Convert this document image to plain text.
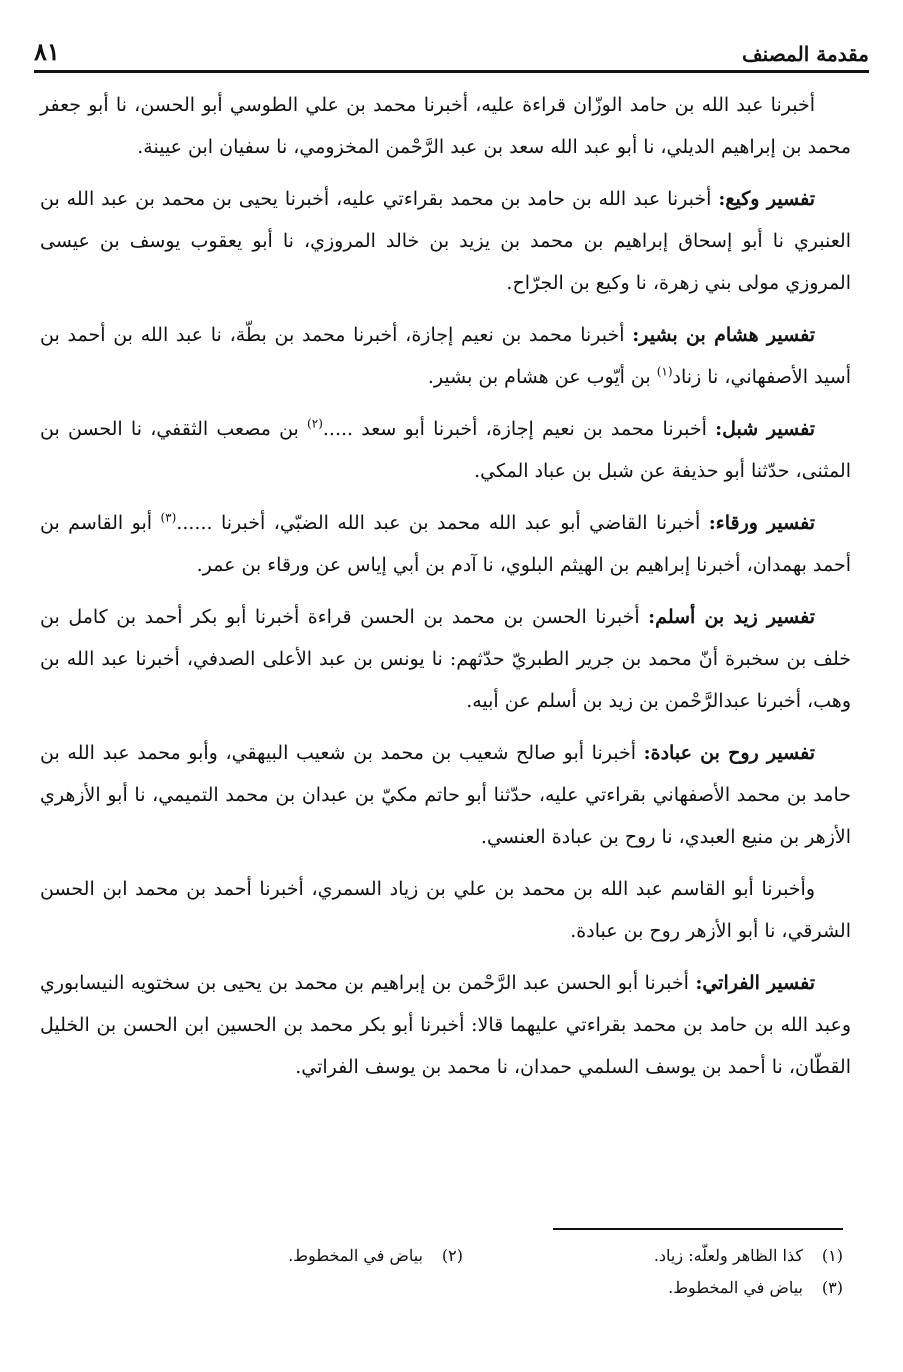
مقدمة المصنف
٨١

أخبرنا عبد الله بن حامد الوزّان قراءة عليه، أخبرنا محمد بن علي الطوسي أبو الحسن، نا أبو جعفر محمد بن إبراهيم الديلي، نا أبو عبد الله سعد بن عبد الرَّحْمن المخزومي، نا سفيان ابن عيينة.

تفسير وكيع: أخبرنا عبد الله بن حامد بن محمد بقراءتي عليه، أخبرنا يحيى بن محمد بن عبد الله بن العنبري نا أبو إسحاق إبراهيم بن محمد بن يزيد بن خالد المروزي، نا أبو يعقوب يوسف بن عيسى المروزي مولى بني زهرة، نا وكيع بن الجرّاح.

تفسير هشام بن بشير: أخبرنا محمد بن نعيم إجازة، أخبرنا محمد بن بطّة، نا عبد الله بن أحمد بن أسيد الأصفهاني، نا زناد$^{(١)}$ بن أيّوب عن هشام بن بشير.

تفسير شبل: أخبرنا محمد بن نعيم إجازة، أخبرنا أبو سعد .....$^{(٢)}$ بن مصعب الثقفي، نا الحسن بن المثنى، حدّثنا أبو حذيفة عن شبل بن عباد المكي.

تفسير ورقاء: أخبرنا القاضي أبو عبد الله محمد بن عبد الله الضبّي، أخبرنا ......$^{(٣)}$ أبو القاسم بن أحمد بهمدان، أخبرنا إبراهيم بن الهيثم البلوي، نا آدم بن أبي إياس عن ورقاء بن عمر.

تفسير زيد بن أسلم: أخبرنا الحسن بن محمد بن الحسن قراءة أخبرنا أبو بكر أحمد بن كامل بن خلف بن سخبرة أنّ محمد بن جرير الطبريّ حدّثهم: نا يونس بن عبد الأعلى الصدفي، أخبرنا عبد الله بن وهب، أخبرنا عبدالرَّحْمن بن زيد بن أسلم عن أبيه.

تفسير روح بن عبادة: أخبرنا أبو صالح شعيب بن محمد بن شعيب البيهقي، وأبو محمد عبد الله بن حامد بن محمد الأصفهاني بقراءتي عليه، حدّثنا أبو حاتم مكيّ بن عبدان بن محمد التميمي، نا أبو الأزهري الأزهر بن منيع العبدي، نا روح بن عبادة العنسي.

وأخبرنا أبو القاسم عبد الله بن محمد بن علي بن زياد السمري، أخبرنا أحمد بن محمد ابن الحسن الشرقي، نا أبو الأزهر روح بن عبادة.

تفسير الفراتي: أخبرنا أبو الحسن عبد الرَّحْمن بن إبراهيم بن محمد بن يحيى بن سختويه النيسابوري وعبد الله بن حامد بن محمد بقراءتي عليهما قالا: أخبرنا أبو بكر محمد بن الحسين ابن الحسن بن الخليل القطّان، نا أحمد بن يوسف السلمي حمدان، نا محمد بن يوسف الفراتي.

(١)كذا الظاهر ولعلّه: زياد.
(٢)بياض في المخطوط.
(٣)بياض في المخطوط.
